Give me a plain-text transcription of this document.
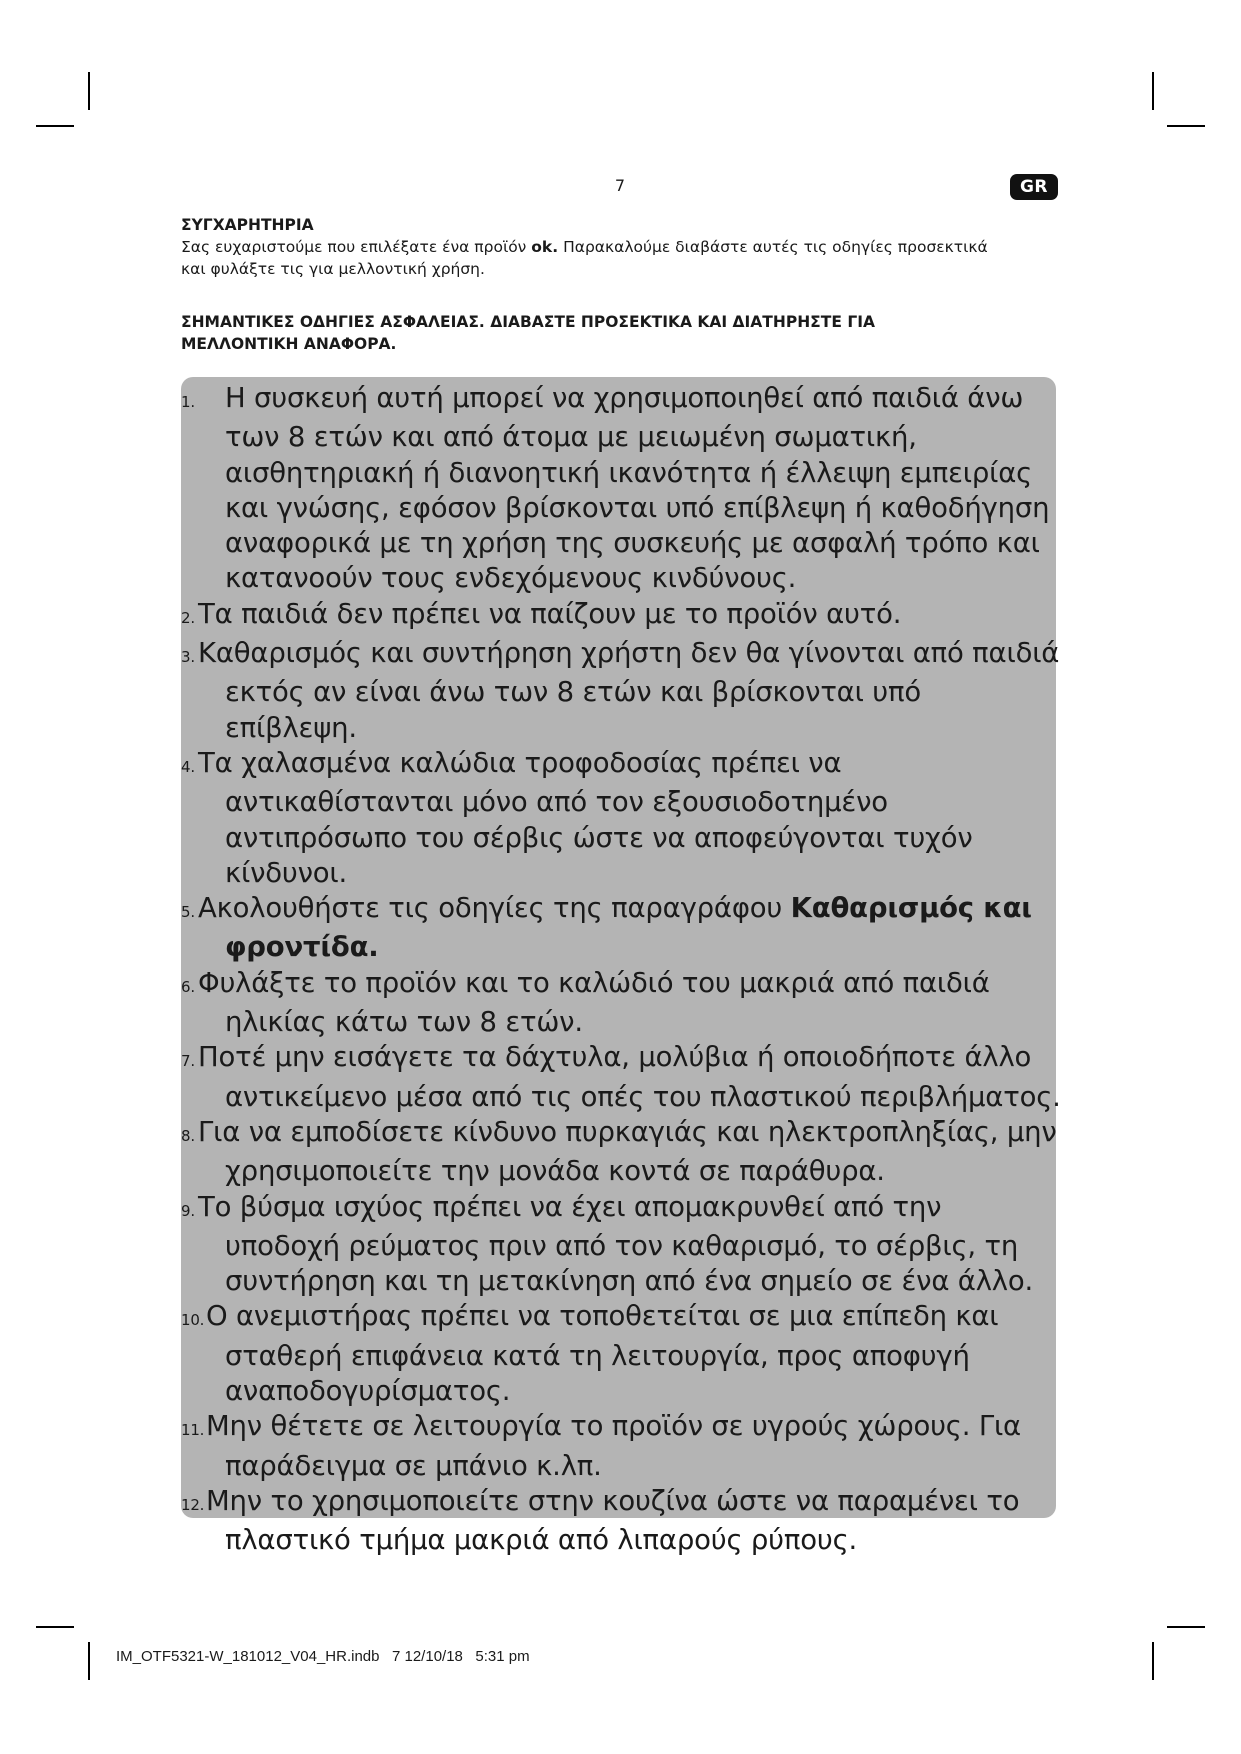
7	GR
ΣΥΓΧΑΡΗΤΗΡΙΑ
Σας ευχαριστούμε που επιλέξατε ένα προϊόν ok. Παρακαλούμε διαβάστε αυτές τις οδηγίες προσεκτικά
και φυλάξτε τις για μελλοντική χρήση.
ΣΗΜΑΝΤΙΚΕΣ ΟΔΗΓΙΕΣ ΑΣΦΑΛΕΙΑΣ. ΔΙΑΒΑΣΤΕ ΠΡΟΣΕΚΤΙΚΑ ΚΑΙ ΔΙΑΤΗΡΗΣΤΕ ΓΙΑ
ΜΕΛΛΟΝΤΙΚΗ ΑΝΑΦΟΡΑ.
1. Η συσκευή αυτή μπορεί να χρησιμοποιηθεί από παιδιά άνω των 8 ετών και από άτομα με μειωμένη σωματική, αισθητηριακή ή διανοητική ικανότητα ή έλλειψη εμπειρίας και γνώσης, εφόσον βρίσκονται υπό επίβλεψη ή καθοδήγηση αναφορικά με τη χρήση της συσκευής με ασφαλή τρόπο και κατανοούν τους ενδεχόμενους κινδύνους.
2. Τα παιδιά δεν πρέπει να παίζουν με το προϊόν αυτό.
3. Καθαρισμός και συντήρηση χρήστη δεν θα γίνονται από παιδιά εκτός αν είναι άνω των 8 ετών και βρίσκονται υπό επίβλεψη.
4. Τα χαλασμένα καλώδια τροφοδοσίας πρέπει να αντικαθίστανται μόνο από τον εξουσιοδοτημένο αντιπρόσωπο του σέρβις ώστε να αποφεύγονται τυχόν κίνδυνοι.
5. Ακολουθήστε τις οδηγίες της παραγράφου Καθαρισμός και φροντίδα.
6. Φυλάξτε το προϊόν και το καλώδιό του μακριά από παιδιά ηλικίας κάτω των 8 ετών.
7. Ποτέ μην εισάγετε τα δάχτυλα, μολύβια ή οποιοδήποτε άλλο αντικείμενο μέσα από τις οπές του πλαστικού περιβλήματος.
8. Για να εμποδίσετε κίνδυνο πυρκαγιάς και ηλεκτροπληξίας, μην χρησιμοποιείτε την μονάδα κοντά σε παράθυρα.
9. Το βύσμα ισχύος πρέπει να έχει απομακρυνθεί από την υποδοχή ρεύματος πριν από τον καθαρισμό, το σέρβις, τη συντήρηση και τη μετακίνηση από ένα σημείο σε ένα άλλο.
10.Ο ανεμιστήρας πρέπει να τοποθετείται σε μια επίπεδη και σταθερή επιφάνεια κατά τη λειτουργία, προς αποφυγή αναποδογυρίσματος.
11.Μην θέτετε σε λειτουργία το προϊόν σε υγρούς χώρους. Για παράδειγμα σε μπάνιο κ.λπ.
12.Μην το χρησιμοποιείτε στην κουζίνα ώστε να παραμένει το πλαστικό τμήμα μακριά από λιπαρούς ρύπους.
IM_OTF5321-W_181012_V04_HR.indb   7 12/10/18   5:31 pm
